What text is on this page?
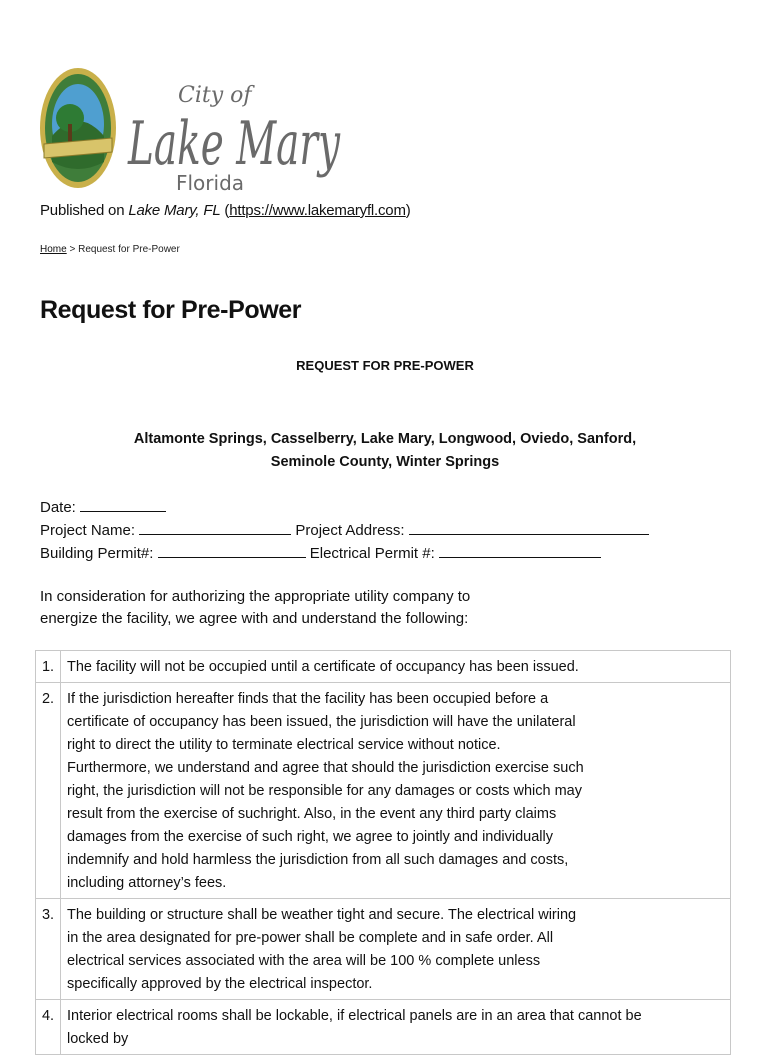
City of
Lake Mary
Florida
Published on Lake Mary, FL (https://www.lakemaryfl.com)
Home > Request for Pre-Power
Request for Pre-Power
REQUEST FOR PRE-POWER
Altamonte Springs, Casselberry, Lake Mary, Longwood, Oviedo, Sanford,
Seminole County, Winter Springs
Date:
Project Name:	Project Address:
Building Permit#:	Electrical Permit #:
In consideration for authorizing the appropriate utility company to energize the facility, we agree with and understand the following:
1.	The facility will not be occupied until a certificate of occupancy has been issued.

2.	If the jurisdiction hereafter finds that the facility has been occupied before a certificate of occupancy has been issued, the jurisdiction will have the unilateral right to direct the utility to terminate electrical service without notice. Furthermore, we understand and agree that should the jurisdiction exercise such right, the jurisdiction will not be responsible for any damages or costs which may result from the exercise of suchright. Also, in the event any third party claims damages from the exercise of such right, we agree to jointly and individually indemnify and hold harmless the jurisdiction from all such damages and costs, including attorney’s fees.

3.	The building or structure shall be weather tight and secure. The electrical wiring in the area designated for pre-power shall be complete and in safe order. All electrical services associated with the area will be 100 % complete unless specifically approved by the electrical inspector.

4.	Interior electrical rooms shall be lockable, if electrical panels are in an area that cannot be locked by
